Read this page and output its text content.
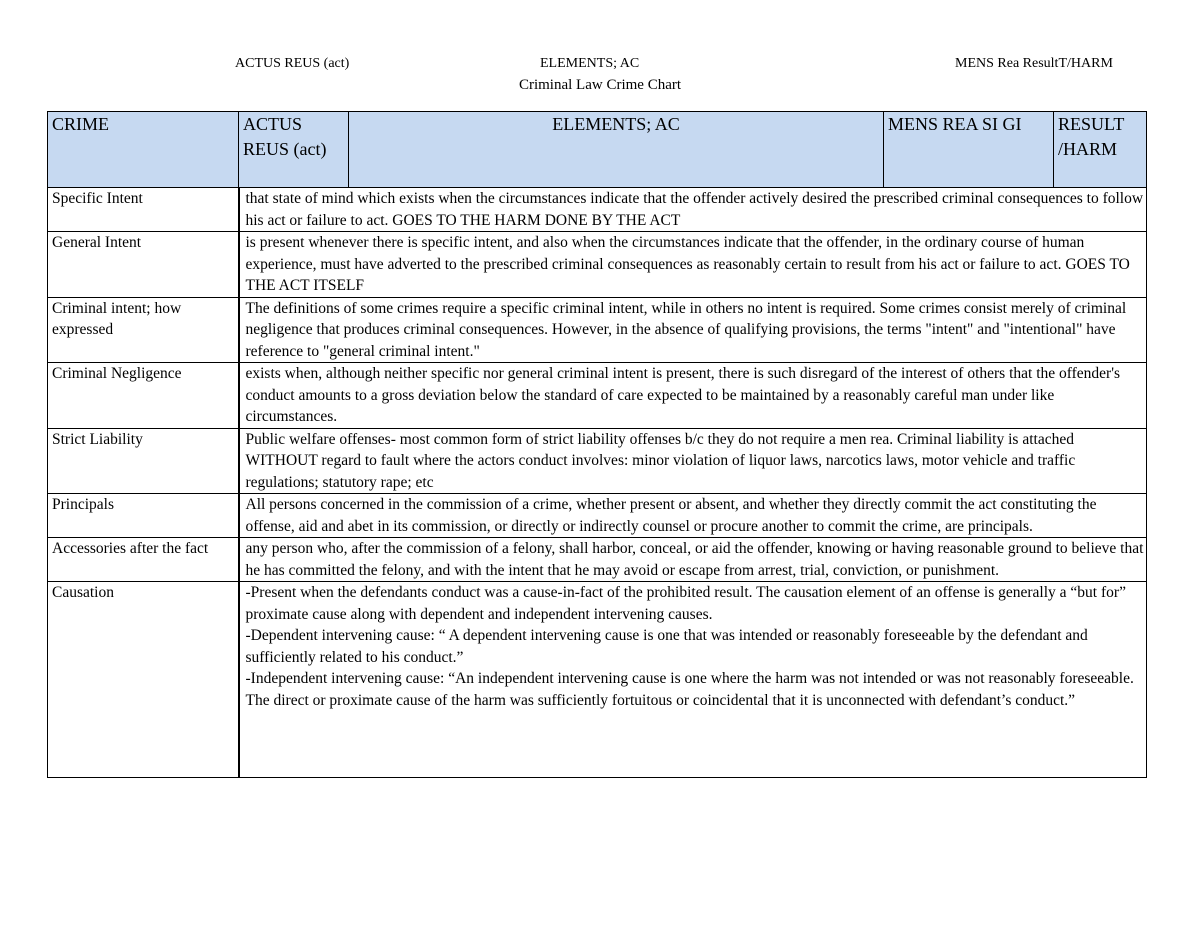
ACTUS REUS (act)	ELEMENTS; AC	MENS Rea ResultT/HARM
Criminal Law Crime Chart
CRIME	ACTUS REUS (act)	ELEMENTS; AC	MENS REA SI GI	RESULT /HARM
Specific Intent	that state of mind which exists when the circumstances indicate that the offender actively desired the prescribed criminal consequences to follow his act or failure to act. GOES TO THE HARM DONE BY THE ACT			
General Intent	is present whenever there is specific intent, and also when the circumstances indicate that the offender, in the ordinary course of human experience, must have adverted to the prescribed criminal consequences as reasonably certain to result from his act or failure to act. GOES TO THE ACT ITSELF			
Criminal intent; how expressed	The definitions of some crimes require a specific criminal intent, while in others no intent is required. Some crimes consist merely of criminal negligence that produces criminal consequences. However, in the absence of qualifying provisions, the terms "intent" and "intentional" have reference to "general criminal intent."			
Criminal Negligence	exists when, although neither specific nor general criminal intent is present, there is such disregard of the interest of others that the offender's conduct amounts to a gross deviation below the standard of care expected to be maintained by a reasonably careful man under like circumstances.			
Strict Liability	Public welfare offenses- most common form of strict liability offenses b/c they do not require a men rea. Criminal liability is attached WITHOUT regard to fault where the actors conduct involves: minor violation of liquor laws, narcotics laws, motor vehicle and traffic regulations; statutory rape; etc			
Principals	All persons concerned in the commission of a crime, whether present or absent, and whether they directly commit the act constituting the offense, aid and abet in its commission, or directly or indirectly counsel or procure another to commit the crime, are principals.			
Accessories after the fact	any person who, after the commission of a felony, shall harbor, conceal, or aid the offender, knowing or having reasonable ground to believe that he has committed the felony, and with the intent that he may avoid or escape from arrest, trial, conviction, or punishment.			
Causation	-Present when the defendants conduct was a cause-in-fact of the prohibited result. The causation element of an offense is generally a “but for” proximate cause along with dependent and independent intervening causes.
-Dependent intervening cause: “ A dependent intervening cause is one that was intended or reasonably foreseeable by the defendant and sufficiently related to his conduct.”
-Independent intervening cause: “An independent intervening cause is one where the harm was not intended or was not reasonably foreseeable. The direct or proximate cause of the harm was sufficiently fortuitous or coincidental that it is unconnected with defendant’s conduct.”			
